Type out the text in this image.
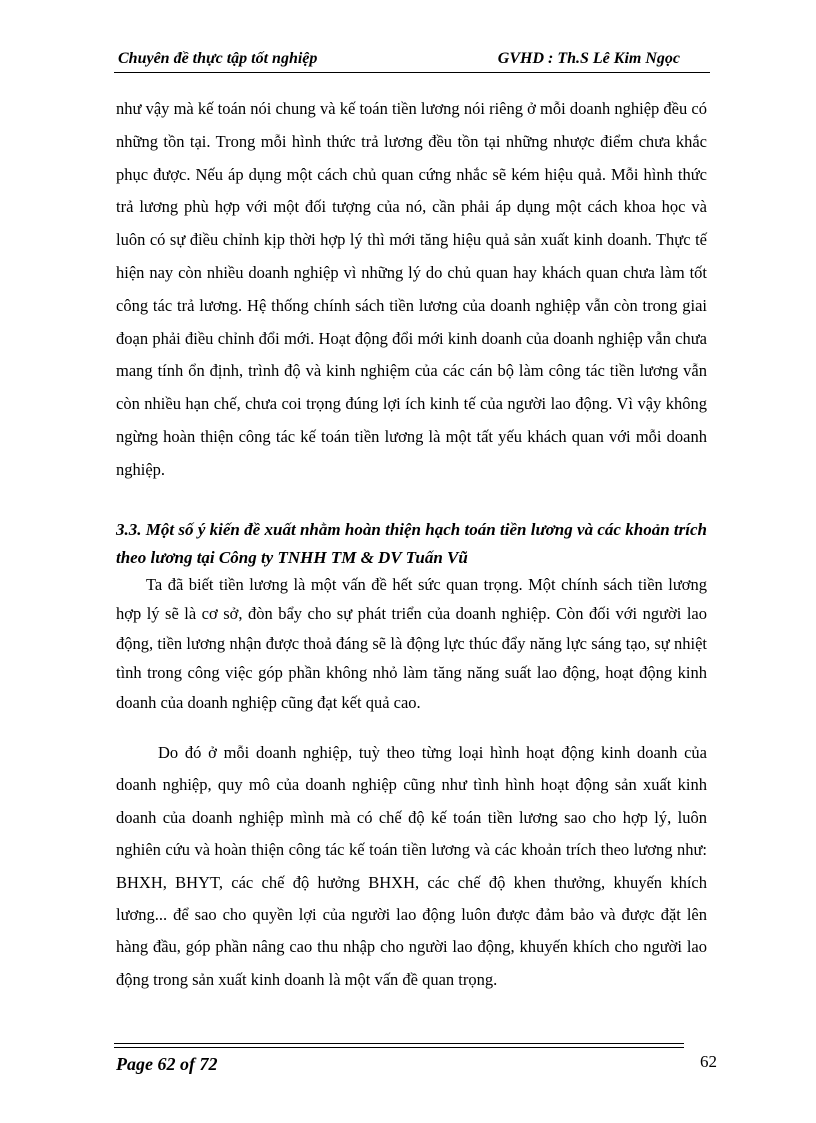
Chuyên đề thực tập tốt nghiệp	GVHD : Th.S Lê Kim Ngọc
như vậy mà kế toán nói chung và kế toán tiền lương nói riêng ở mỗi doanh nghiệp đều có những tồn tại. Trong mỗi hình thức trả lương đều tồn tại những nhược điểm chưa khắc phục được. Nếu áp dụng một cách chủ quan cứng nhắc sẽ kém hiệu quả. Mỗi hình thức trả lương phù hợp với một đối tượng của nó, cần phải áp dụng một cách khoa học và luôn có sự điều chỉnh kịp thời hợp lý thì mới tăng hiệu quả sản xuất kinh doanh. Thực tế hiện nay còn nhiều doanh nghiệp vì những lý do chủ quan hay khách quan chưa làm tốt công tác trả lương. Hệ thống chính sách tiền lương của doanh nghiệp vẫn còn trong giai đoạn phải điều chỉnh đổi mới. Hoạt động đổi mới kinh doanh của doanh nghiệp vẫn chưa mang tính ổn định, trình độ và kinh nghiệm của các cán bộ làm công tác tiền lương vẫn còn nhiều hạn chế, chưa coi trọng đúng lợi ích kinh tế của người lao động. Vì vậy không ngừng hoàn thiện công tác kế toán tiền lương là một tất yếu khách quan với mỗi doanh nghiệp.
3.3. Một số ý kiến đề xuất nhằm hoàn thiện hạch toán tiền lương và các khoản trích theo lương tại Công ty TNHH TM & DV Tuấn Vũ
Ta đã biết tiền lương là một vấn đề hết sức quan trọng. Một chính sách tiền lương hợp lý sẽ là cơ sở, đòn bẩy cho sự phát triển của doanh nghiệp. Còn đối với người lao động, tiền lương nhận được thoả đáng sẽ là động lực thúc đẩy năng lực sáng tạo, sự nhiệt tình trong công việc góp phần không nhỏ làm tăng năng suất lao động, hoạt động kinh doanh của doanh nghiệp cũng đạt kết quả cao.
Do đó ở mỗi doanh nghiệp, tuỳ theo từng loại hình hoạt động kinh doanh của doanh nghiệp, quy mô của doanh nghiệp cũng như tình hình hoạt động sản xuất kinh doanh của doanh nghiệp mình mà có chế độ kế toán tiền lương sao cho hợp lý, luôn nghiên cứu và hoàn thiện công tác kế toán tiền lương và các khoản trích theo lương như: BHXH, BHYT, các chế độ hưởng BHXH, các chế độ khen thưởng, khuyến khích lương... để sao cho quyền lợi của người lao động luôn được đảm bảo và được đặt lên hàng đầu, góp phần nâng cao thu nhập cho người lao động, khuyến khích cho người lao động trong sản xuất kinh doanh là một vấn đề quan trọng.
Page 62 of 72	62
